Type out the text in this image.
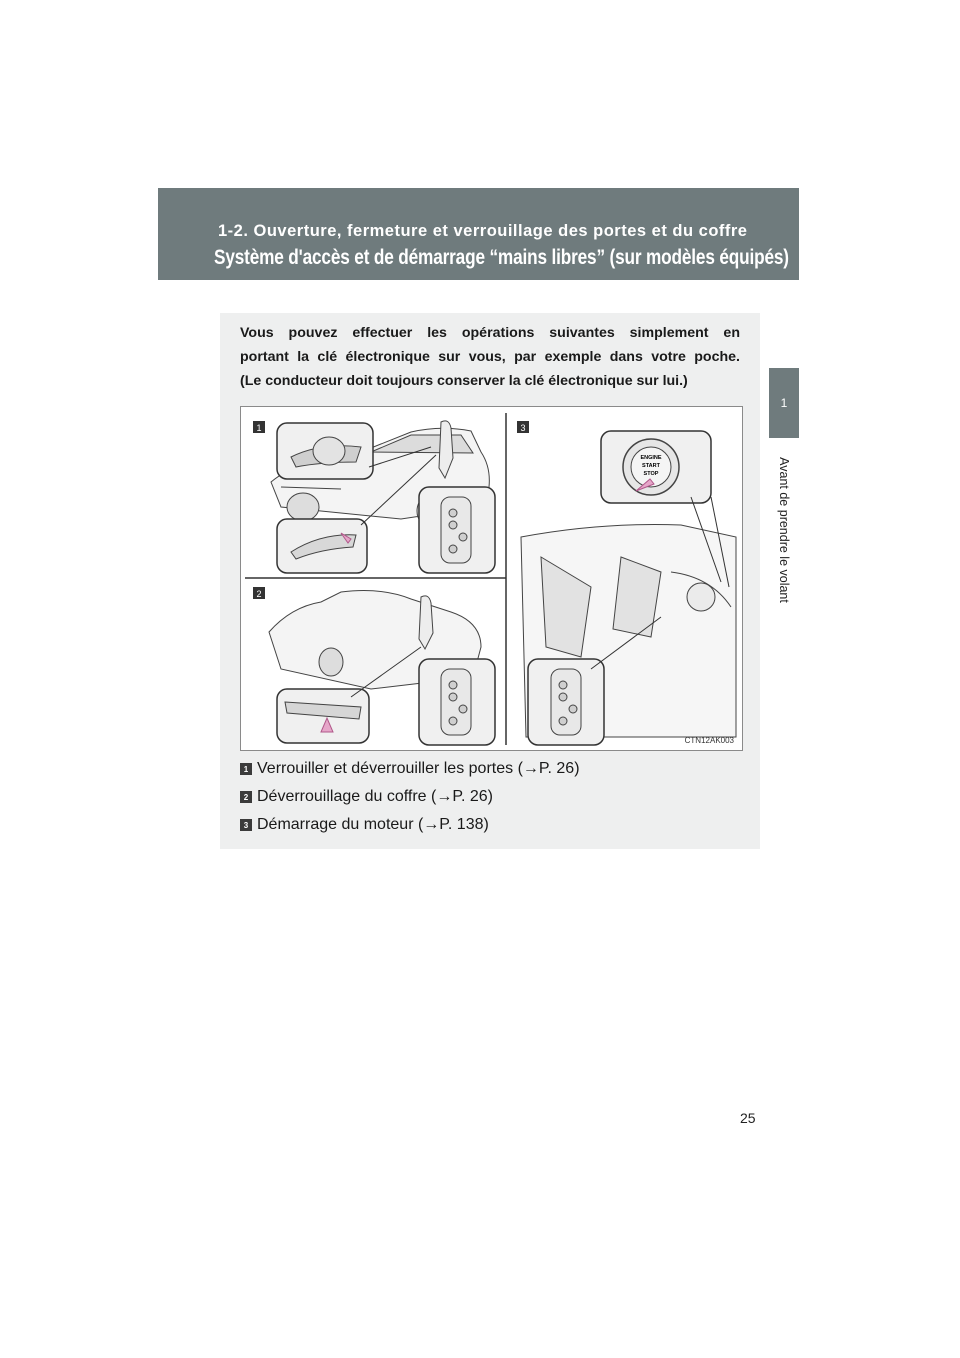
1-2. Ouverture, fermeture et verrouillage des portes et du coffre
Système d'accès et de démarrage “mains libres” (sur modèles équipés)
1
Avant de prendre le volant

Vous pouvez effectuer les opérations suivantes simplement en

portant la clé électronique sur vous, par exemple dans votre poche.

(Le conducteur doit toujours conserver la clé électronique sur lui.)

1
2
3
ENGINE
START
STOP
CTN12AK003
1 Verrouiller et déverrouiller les portes (→P. 26)
2 Déverrouillage du coffre (→P. 26)
3 Démarrage du moteur (→P. 138)
25
